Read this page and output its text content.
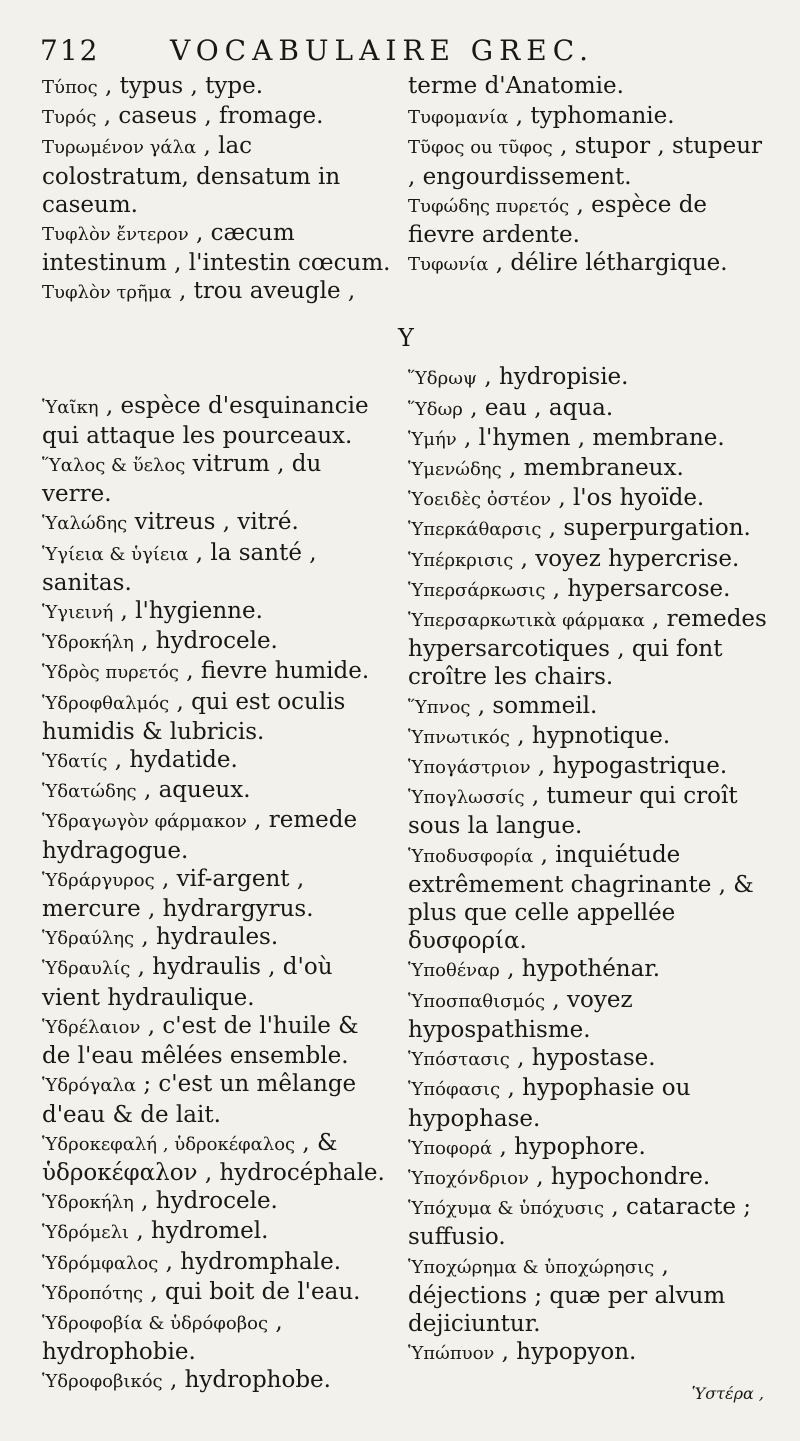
712	VOCABULAIRE GREC.

Τύπος , typus , type.

Τυρός , caseus , fromage.

Τυρωμένον γάλα , lac colostratum, densatum in caseum.

Τυφλὸν ἔντερον , cæcum intestinum , l'intestin cœcum.

Τυφλὸν τρῆμα , trou aveugle ,

Ὑαῖκη , espèce d'esquinancie qui attaque les pourceaux.

Ὕαλος & ὕελος vitrum , du verre.

Ὑαλώδης vitreus , vitré.

Ὑγίεια & ὑγίεια , la santé , sanitas.

Ὑγιεινή , l'hygienne.

Ὑδροκήλη , hydrocele.

Ὑδρὸς πυρετός , fievre humide.

Ὑδροφθαλμός , qui est oculis humidis & lubricis.

Ὑδατίς , hydatide.

Ὑδατώδης , aqueux.

Ὑδραγωγὸν φάρμακον , remede hydragogue.

Ὑδράργυρος , vif-argent , mercure , hydrargyrus.

Ὑδραύλης , hydraules.

Ὑδραυλίς , hydraulis , d'où vient hydraulique.

Ὑδρέλαιον , c'est de l'huile & de l'eau mêlées ensemble.

Ὑδρόγαλα ; c'est un mêlange d'eau & de lait.

Ὑδροκεφαλή , ὑδροκέφαλος , & ὑδροκέφαλον , hydrocéphale.

Ὑδροκήλη , hydrocele.

Ὑδρόμελι , hydromel.

Ὑδρόμφαλος , hydromphale.

Ὑδροπότης , qui boit de l'eau.

Ὑδροφοβία & ὑδρόφοβος , hydrophobie.

Ὑδροφοβικός , hydrophobe.

Υ

terme d'Anatomie.

Τυφομανία , typhomanie.

Τῦφος ou τῦφος , stupor , stupeur , engourdissement.

Τυφώδης πυρετός , espèce de fievre ardente.

Τυφωνία , délire léthargique.

Ὕδρωψ , hydropisie.

Ὕδωρ , eau , aqua.

Ὑμήν , l'hymen , membrane.

Ὑμενώδης , membraneux.

Ὑοειδὲς ὀστέον , l'os hyoïde.

Ὑπερκάθαρσις , superpurgation.

Ὑπέρκρισις , voyez hypercrise.

Ὑπερσάρκωσις , hypersarcose.

Ὑπερσαρκωτικὰ φάρμακα , remedes hypersarcotiques , qui font croître les chairs.

Ὕπνος , sommeil.

Ὑπνωτικός , hypnotique.

Ὑπογάστριον , hypogastrique.

Ὑπογλωσσίς , tumeur qui croît sous la langue.

Ὑποδυσφορία , inquiétude extrêmement chagrinante , & plus que celle appellée δυσφορία.

Ὑποθέναρ , hypothénar.

Ὑποσπαθισμός , voyez hypospathisme.

Ὑπόστασις , hypostase.

Ὑπόφασις , hypophasie ou hypophase.

Ὑποφορά , hypophore.

Ὑποχόνδριον , hypochondre.

Ὑπόχυμα & ὑπόχυσις , cataracte ; suffusio.

Ὑποχώρημα & ὑποχώρησις , déjections ; quæ per alvum dejiciuntur.

Ὑπώπυον , hypopyon.

Ὑστέρα ,
